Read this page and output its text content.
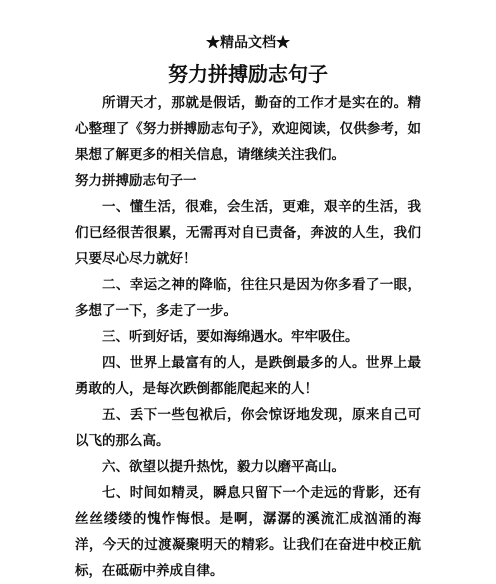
★精品文档★
努力拼搏励志句子

所谓天才，那就是假话，勤奋的工作才是实在的。精心整理了《努力拼搏励志句子》，欢迎阅读，仅供参考，如果想了解更多的相关信息，请继续关注我们。

努力拼搏励志句子一

一、懂生活，很难，会生活，更难，艰辛的生活，我们已经很苦很累，无需再对自已责备，奔波的人生，我们只要尽心尽力就好！

二、幸运之神的降临，往往只是因为你多看了一眼，多想了一下，多走了一步。

三、听到好话，要如海绵遇水。牢牢吸住。

四、世界上最富有的人，是跌倒最多的人。世界上最勇敢的人，是每次跌倒都能爬起来的人！

五、丢下一些包袱后，你会惊讶地发现，原来自己可以飞的那么高。

六、欲望以提升热忱，毅力以磨平高山。

七、时间如精灵，瞬息只留下一个走远的背影，还有丝丝缕缕的愧怍悔恨。是啊，潺潺的溪流汇成汹涌的海洋，今天的过渡凝聚明天的精彩。让我们在奋进中校正航标，在砥砺中养成自律。
